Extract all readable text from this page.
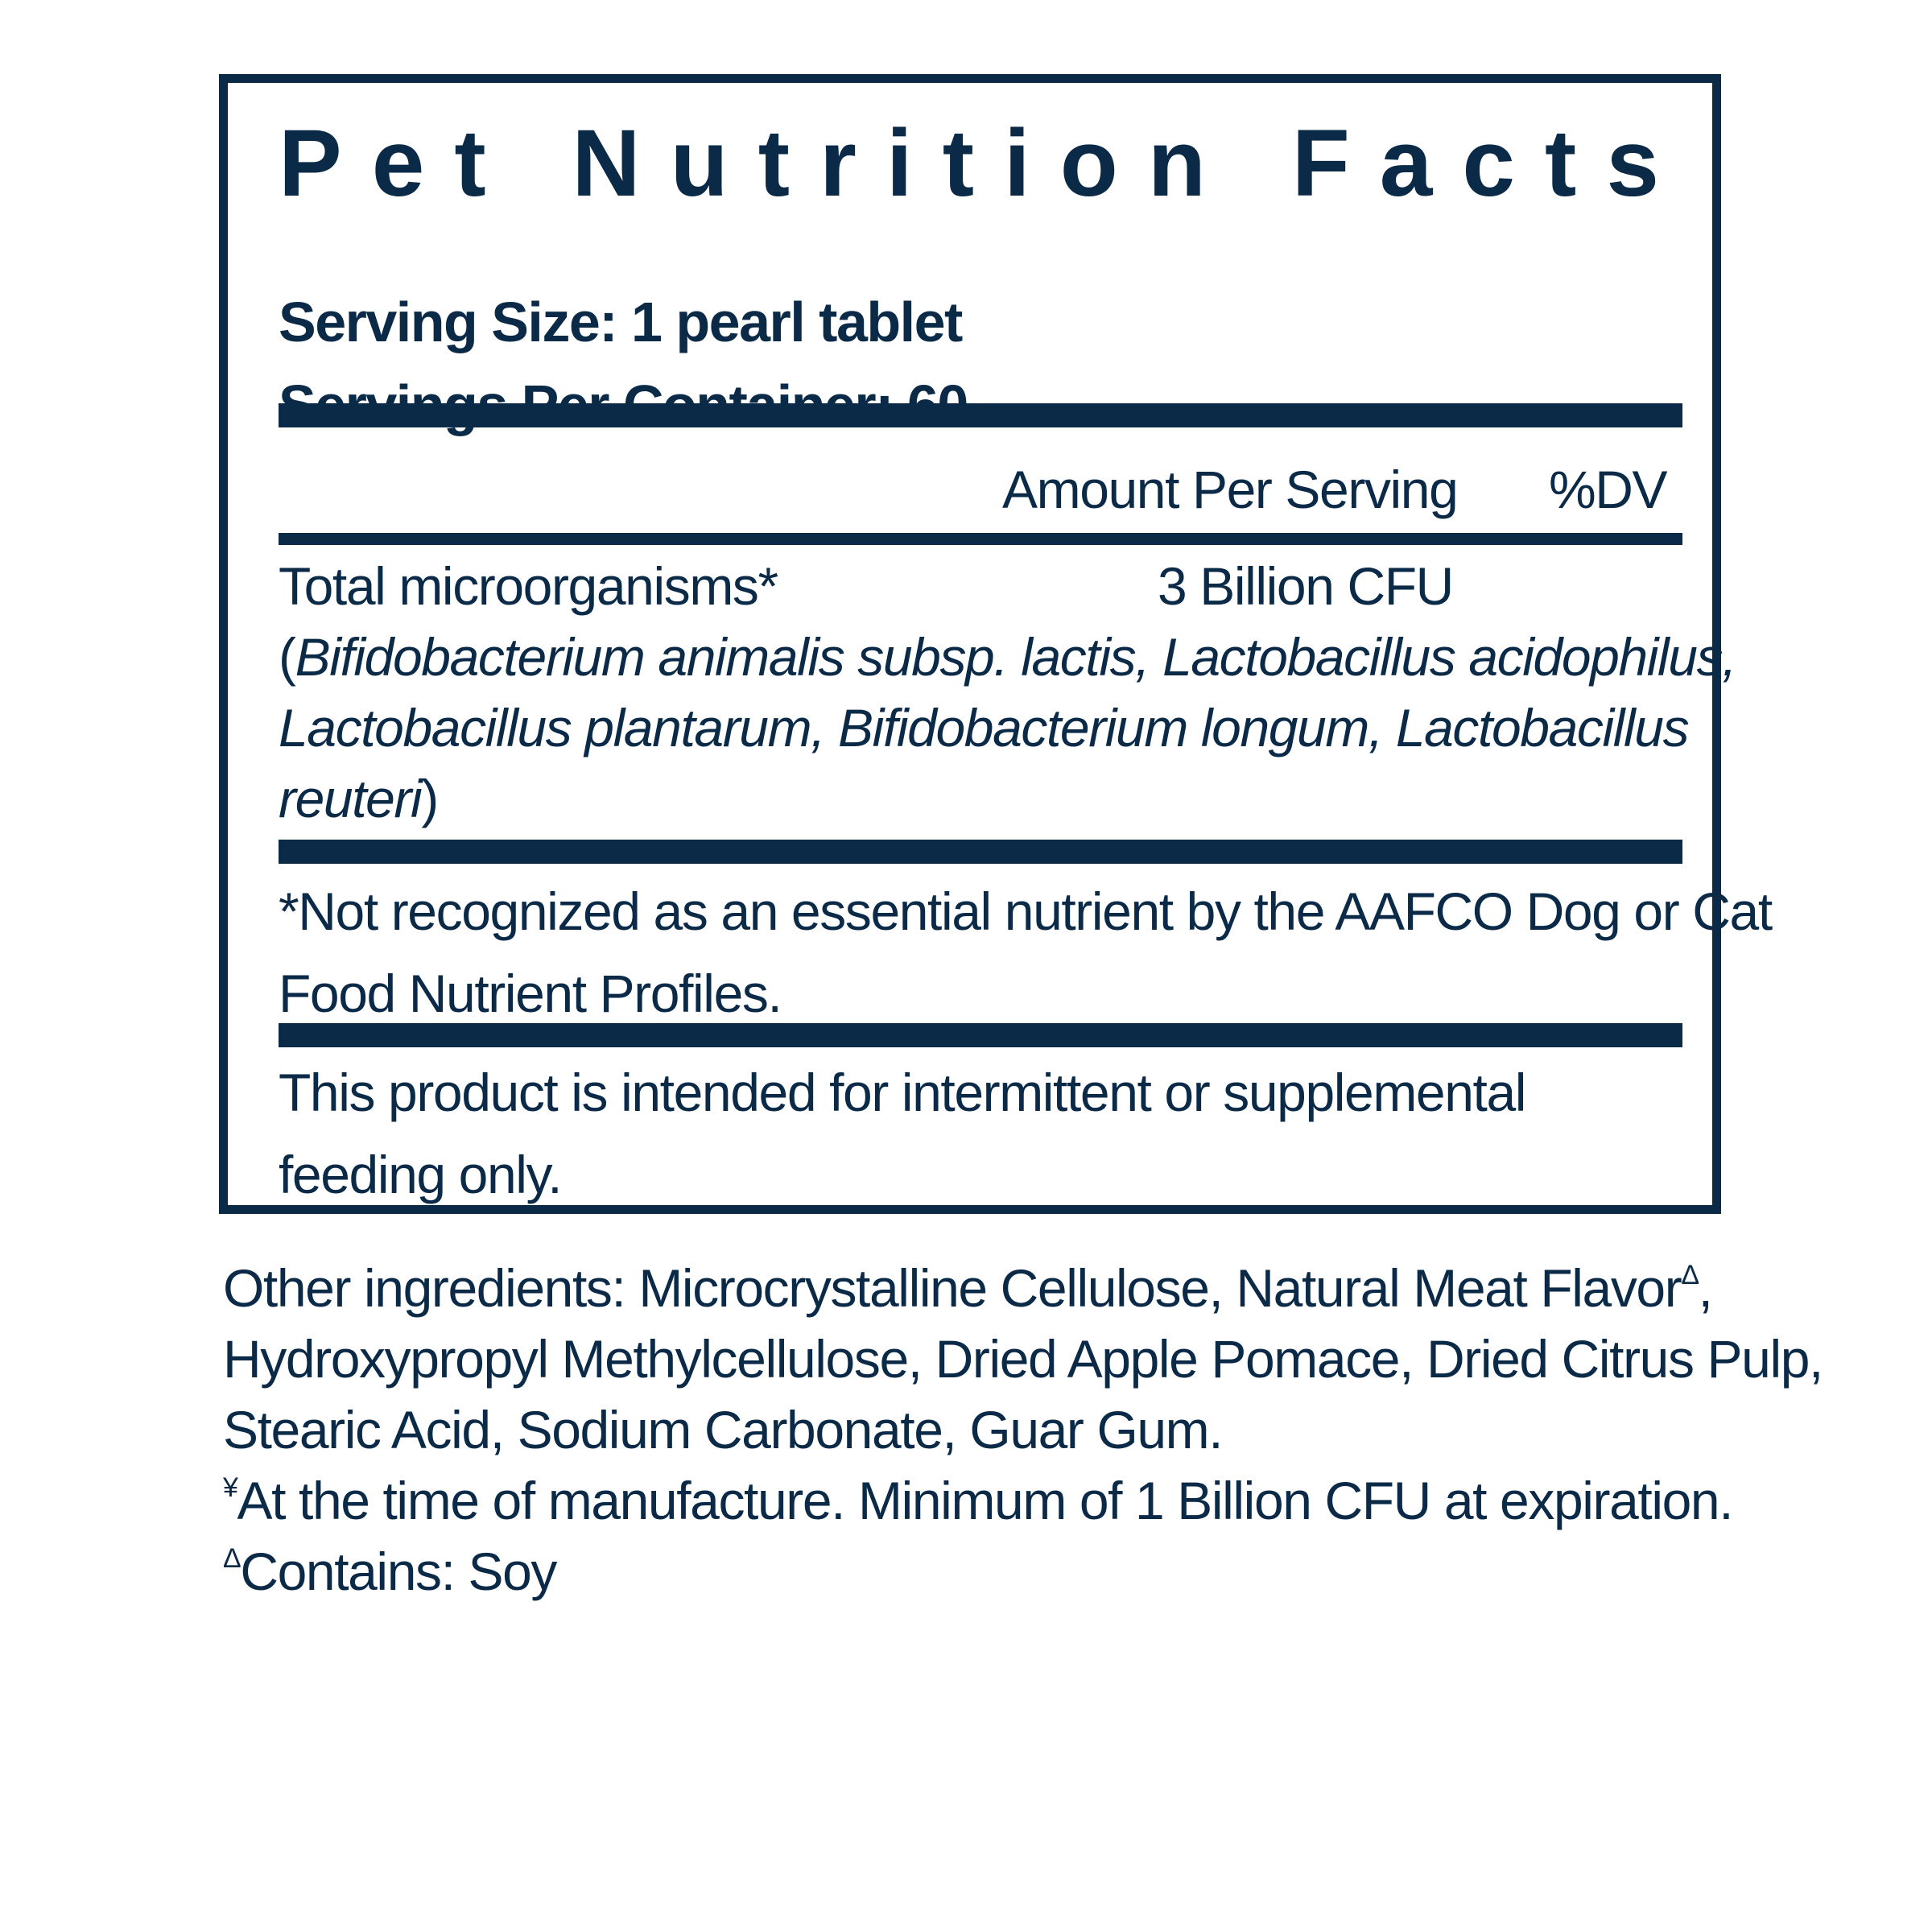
Pet Nutrition Facts
Serving Size: 1 pearl tablet
Amount Per Serving %DV
Total microorganisms*	3 Billion CFU
(Bifidobacterium animalis subsp. lactis, Lactobacillus acidophilus,
Lactobacillus plantarum, Bifidobacterium longum, Lactobacillus
reuteri)
*Not recognized as an essential nutrient by the AAFCO Dog or Cat
Food Nutrient Profiles.
This product is intended for intermittent or supplemental
feeding only.
Other ingredients: Microcrystalline Cellulose, Natural Meat Flavor$^\Delta$,
Hydroxypropyl Methylcellulose, Dried Apple Pomace, Dried Citrus Pulp,
Stearic Acid, Sodium Carbonate, Guar Gum.
¥At the time of manufacture. Minimum of 1 Billion CFU at expiration.
$^\Delta$Contains: Soy
